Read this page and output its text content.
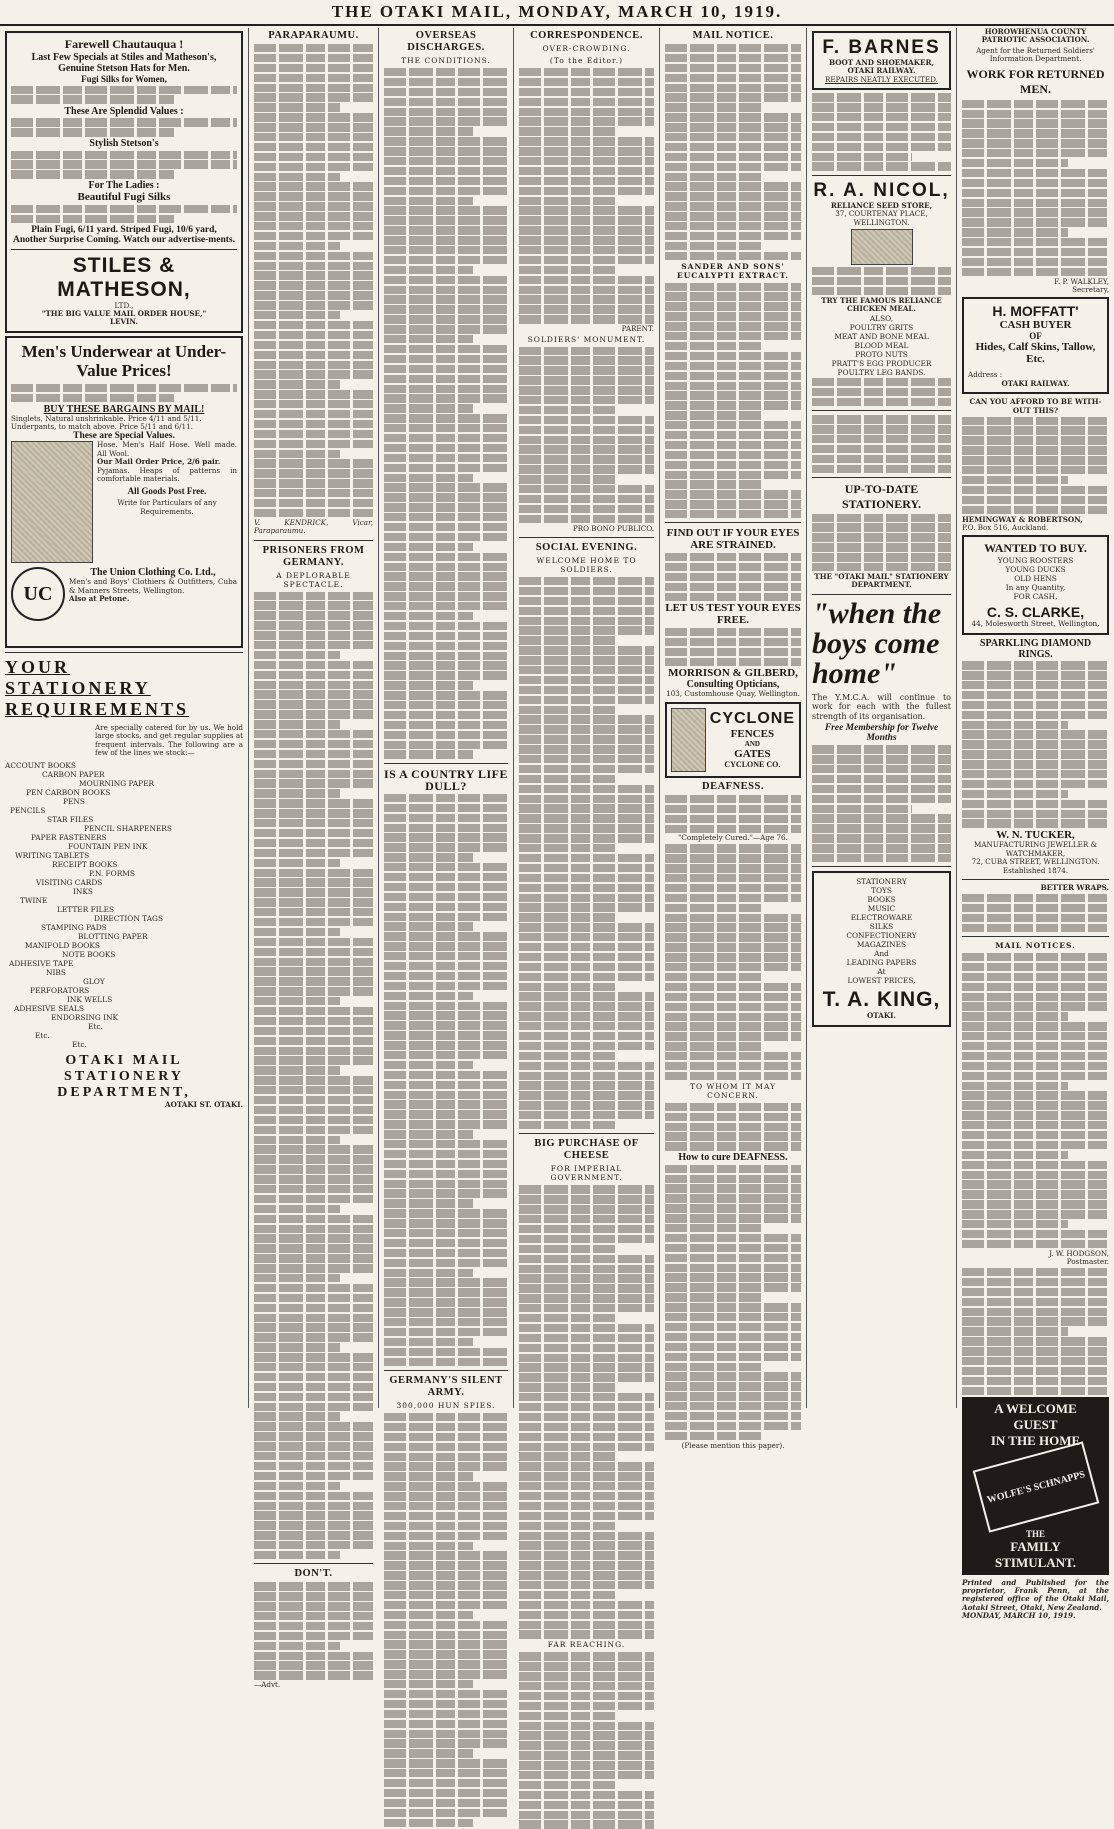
THE OTAKI MAIL, MONDAY, MARCH 10, 1919.
Farewell Chautauqua !
Last Few Specials at Stiles and Matheson's,
Genuine Stetson Hats for Men.
Fugi Silks for Women,
These Are Splendid Values :
Stylish Stetson's
For The Ladies :
Beautiful Fugi Silks
Plain Fugi, 6/11 yard. Striped Fugi, 10/6 yard,
Another Surprise Coming. Watch our advertise-ments.
STILES & MATHESON,
LTD.,
"THE BIG VALUE MAIL ORDER HOUSE,"
LEVIN.
Men's Underwear at Under-Value Prices!
BUY THESE BARGAINS BY MAIL!

Singlets, Natural unshrinkable. Price 4/11 and 5/11.

Underpants, to match above. Price 5/11 and 6/11.

These are Special Values.

Hose. Men's Half Hose. Well made. All Wool.

Our Mail Order Price, 2/6 pair.

Pyjamas. Heaps of patterns in comfortable materials.

All Goods Post Free.

Write for Particulars of any Requirements.

UC
The Union Clothing Co. Ltd.,

Men's and Boys' Clothiers & Outfitters, Cuba & Manners Streets, Wellington.

Also at Petone.

YOUR
STATIONERY
REQUIREMENTS

Are specially catered for by us. We hold large stocks, and get regular supplies at frequent intervals. The following are a few of the lines we stock:—

ACCOUNT BOOKS

CARBON PAPER

MOURNING PAPER

PEN CARBON BOOKS

PENS

PENCILS

STAR FILES

PENCIL SHARPENERS

PAPER FASTENERS

FOUNTAIN PEN INK

WRITING TABLETS

RECEIPT BOOKS

P.N. FORMS

VISITING CARDS

INKS

TWINE

LETTER FILES

DIRECTION TAGS

STAMPING PADS

BLOTTING PAPER

MANIFOLD BOOKS

NOTE BOOKS

ADHESIVE TAPE

NIBS

GLOY

PERFORATORS

INK WELLS

ADHESIVE SEALS

ENDORSING INK

Etc.

Etc.

Etc.

OTAKI MAIL
STATIONERY
DEPARTMENT,

AOTAKI ST. OTAKI.

PARAPARAUMU.

V. KENDRICK, Vicar, Paraparaumu.

PRISONERS FROM GERMANY.
A DEPLORABLE SPECTACLE.
DON'T.

—Advt.

OVERSEAS DISCHARGES.
THE CONDITIONS.
IS A COUNTRY LIFE DULL?
GERMANY'S SILENT ARMY.
300,000 HUN SPIES.
CORRESPONDENCE.
OVER-CROWDING.
(To the Editor.)

PARENT.

SOLDIERS' MONUMENT.

PRO BONO PUBLICO.

SOCIAL EVENING.
WELCOME HOME TO SOLDIERS.
BIG PURCHASE OF CHEESE
FOR IMPERIAL GOVERNMENT.
FAR REACHING.
MAIL NOTICE.
SANDER AND SONS' EUCALYPTI EXTRACT.
FIND OUT IF YOUR EYES ARE STRAINED.
LET US TEST YOUR EYES FREE.
MORRISON & GILBERD,
Consulting Opticians,

103, Customhouse Quay, Wellington.

CYCLONE
FENCES
AND
GATES
CYCLONE CO.
DEAFNESS.

"Completely Cured."—Age 76.

TO WHOM IT MAY CONCERN.
How to cure DEAFNESS.

(Please mention this paper).

F. BARNES

BOOT AND SHOEMAKER,

OTAKI RAILWAY.

REPAIRS NEATLY EXECUTED.

R. A. NICOL,

RELIANCE SEED STORE,

37, COURTENAY PLACE, WELLINGTON.

TRY THE FAMOUS RELIANCE CHICKEN MEAL.

ALSO,

POULTRY GRITS

MEAT AND BONE MEAL

BLOOD MEAL

PROTO NUTS

PRATT'S EGG PRODUCER

POULTRY LEG BANDS.

UP-TO-DATE STATIONERY.

THE "OTAKI MAIL" STATIONERY DEPARTMENT.

"when the
boys come
home"

The Y.M.C.A. will continue to work for each with the fullest strength of its organisation.

Free Membership for Twelve Months

STATIONERY

TOYS

BOOKS

MUSIC

ELECTROWARE

SILKS

CONFECTIONERY

MAGAZINES

And

LEADING PAPERS

At

LOWEST PRICES,

T. A. KING,

OTAKI.

HOROWHENUA COUNTY PATRIOTIC ASSOCIATION.

Agent for the Returned Soldiers' Information Department.

WORK FOR RETURNED MEN.

F. P. WALKLEY,

Secretary,

H. MOFFATT'
CASH BUYER
OF
Hides, Calf Skins, Tallow, Etc.

Address :

OTAKI RAILWAY.

CAN YOU AFFORD TO BE WITH-OUT THIS?

HEMINGWAY & ROBERTSON,

P.O. Box 516, Auckland.

WANTED TO BUY.

YOUNG ROOSTERS

YOUNG DUCKS

OLD HENS

In any Quantity,

FOR CASH,

C. S. CLARKE,

44, Molesworth Street, Wellington,

SPARKLING DIAMOND RINGS.
W. N. TUCKER,

MANUFACTURING JEWELLER & WATCHMAKER,

72, CUBA STREET, WELLINGTON.

Established 1874.

BETTER WRAPS.

MAIL NOTICES.

J. W. HODGSON,

Postmaster.

A WELCOME
GUEST
IN THE HOME
WOLFE'S SCHNAPPS
THE
FAMILY
STIMULANT.

Printed and Published for the proprietor, Frank Penn, at the registered office of the Otaki Mail, Aotaki Street, Otaki, New Zealand.

MONDAY, MARCH 10, 1919.
